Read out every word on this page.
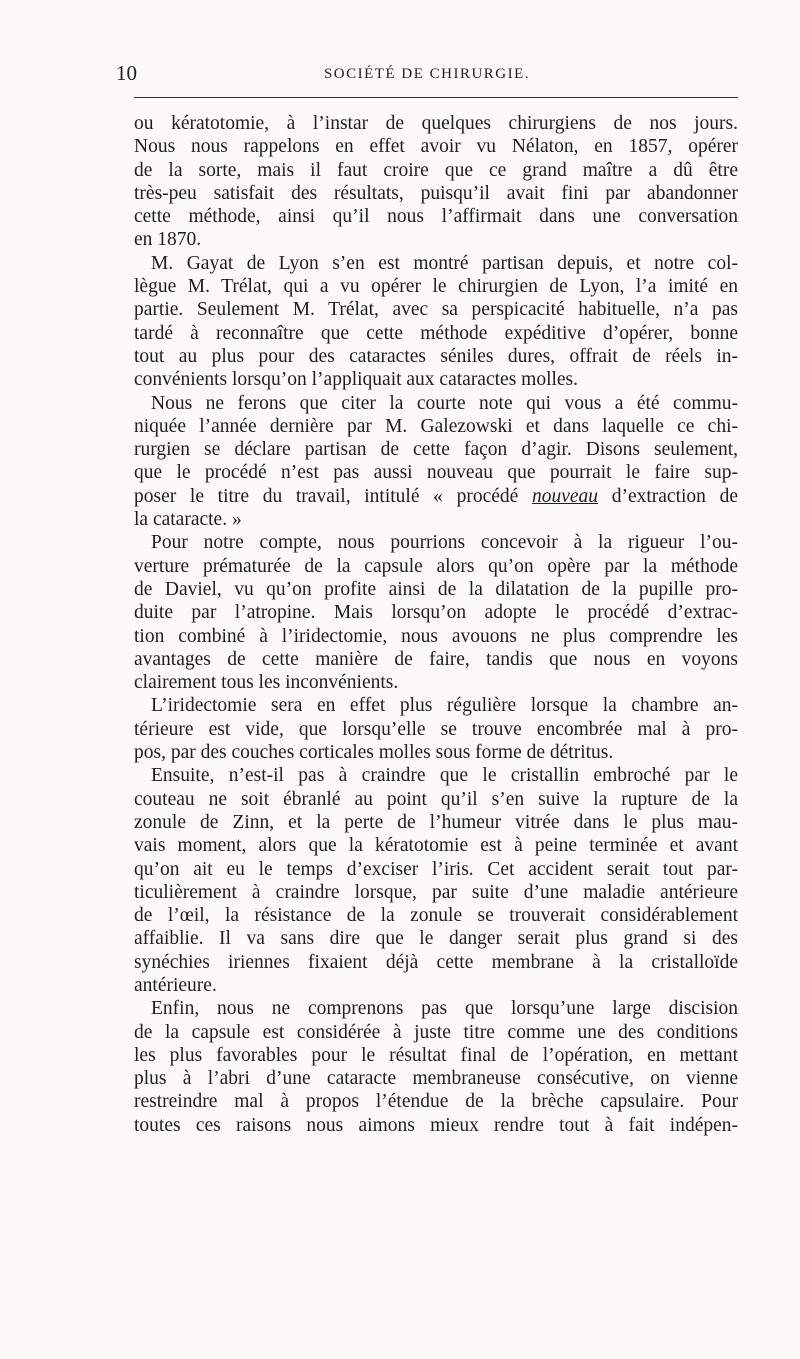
10	SOCIÉTÉ DE CHIRURGIE.
ou kératotomie, à l’instar de quelques chirurgiens de nos jours.
Nous nous rappelons en effet avoir vu Nélaton, en 1857, opérer
de la sorte, mais il faut croire que ce grand maître a dû être
très-peu satisfait des résultats, puisqu’il avait fini par abandonner
cette méthode, ainsi qu’il nous l’affirmait dans une conversation
en 1870.
M. Gayat de Lyon s’en est montré partisan depuis, et notre col-
lègue M. Trélat, qui a vu opérer le chirurgien de Lyon, l’a imité en
partie. Seulement M. Trélat, avec sa perspicacité habituelle, n’a pas
tardé à reconnaître que cette méthode expéditive d’opérer, bonne
tout au plus pour des cataractes séniles dures, offrait de réels in-
convénients lorsqu’on l’appliquait aux cataractes molles.
Nous ne ferons que citer la courte note qui vous a été commu-
niquée l’année dernière par M. Galezowski et dans laquelle ce chi-
rurgien se déclare partisan de cette façon d’agir. Disons seulement,
que le procédé n’est pas aussi nouveau que pourrait le faire sup-
poser le titre du travail, intitulé « procédé nouveau d’extraction de
la cataracte. »
Pour notre compte, nous pourrions concevoir à la rigueur l’ou-
verture prématurée de la capsule alors qu’on opère par la méthode
de Daviel, vu qu’on profite ainsi de la dilatation de la pupille pro-
duite par l’atropine. Mais lorsqu’on adopte le procédé d’extrac-
tion combiné à l’iridectomie, nous avouons ne plus comprendre les
avantages de cette manière de faire, tandis que nous en voyons
clairement tous les inconvénients.
L’iridectomie sera en effet plus régulière lorsque la chambre an-
térieure est vide, que lorsqu’elle se trouve encombrée mal à pro-
pos, par des couches corticales molles sous forme de détritus.
Ensuite, n’est-il pas à craindre que le cristallin embroché par le
couteau ne soit ébranlé au point qu’il s’en suive la rupture de la
zonule de Zinn, et la perte de l’humeur vitrée dans le plus mau-
vais moment, alors que la kératotomie est à peine terminée et avant
qu’on ait eu le temps d’exciser l’iris. Cet accident serait tout par-
ticulièrement à craindre lorsque, par suite d’une maladie antérieure
de l’œil, la résistance de la zonule se trouverait considérablement
affaiblie. Il va sans dire que le danger serait plus grand si des
synéchies iriennes fixaient déjà cette membrane à la cristalloïde
antérieure.
Enfin, nous ne comprenons pas que lorsqu’une large discision
de la capsule est considérée à juste titre comme une des conditions
les plus favorables pour le résultat final de l’opération, en mettant
plus à l’abri d’une cataracte membraneuse consécutive, on vienne
restreindre mal à propos l’étendue de la brèche capsulaire. Pour
toutes ces raisons nous aimons mieux rendre tout à fait indépen-
